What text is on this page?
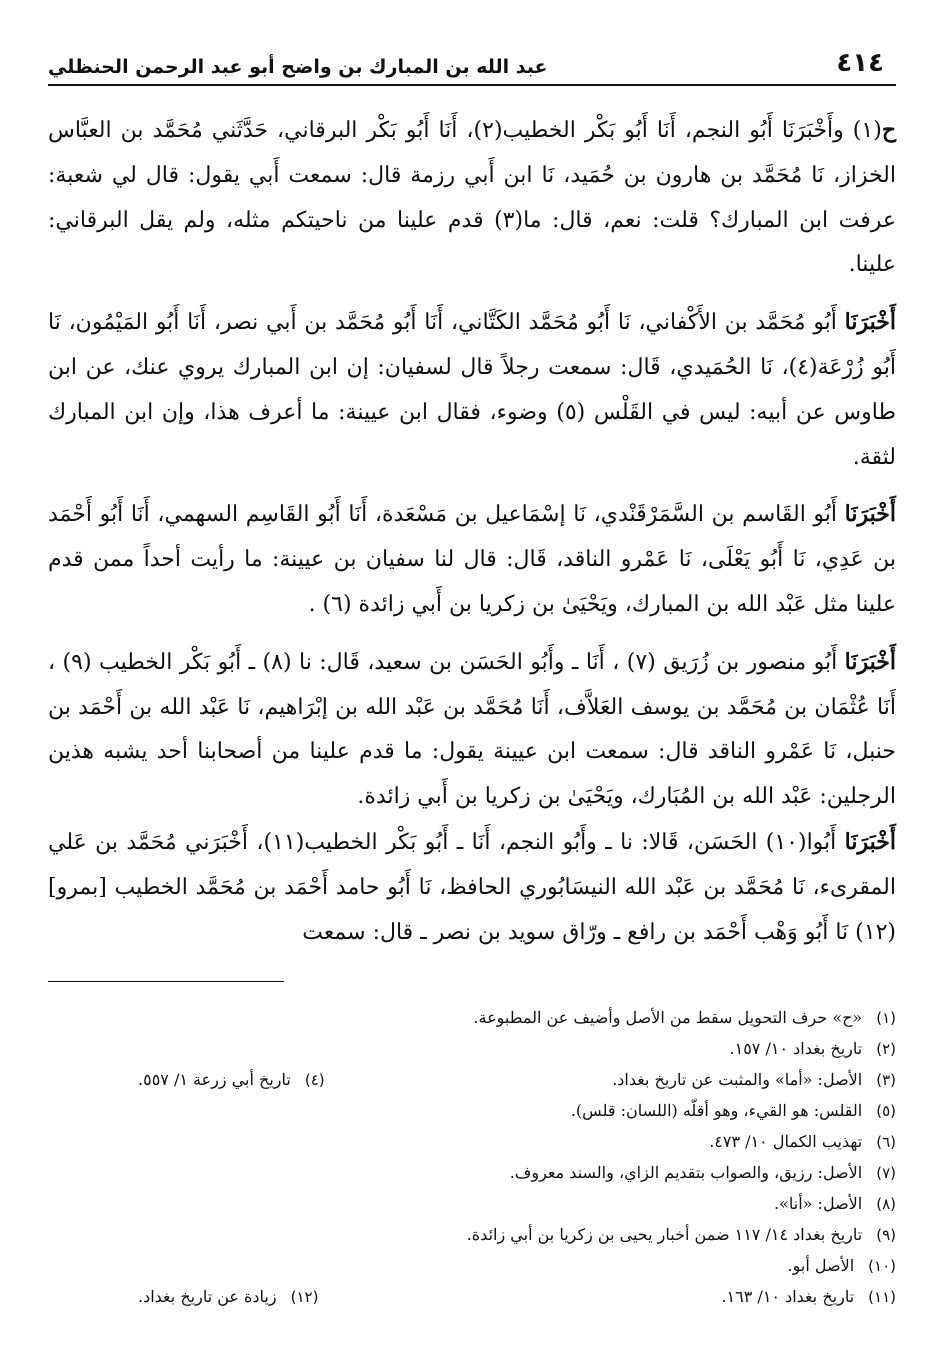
٤١٤
عبد الله بن المبارك بن واضح أبو عبد الرحمن الحنظلي

ح(١) وأَخْبَرَنَا أَبُو النجم، أَنَا أَبُو بَكْر الخطيب(٢)، أَنَا أَبُو بَكْر البرقاني، حَدَّثَني مُحَمَّد بن العبَّاس الخزاز، نَا مُحَمَّد بن هارون بن حُمَيد، نَا ابن أَبي رزمة قال: سمعت أَبي يقول: قال لي شعبة: عرفت ابن المبارك؟ قلت: نعم، قال: ما(٣) قدم علينا من ناحيتكم مثله، ولم يقل البرقاني: علينا.

أَخْبَرَنَا أَبُو مُحَمَّد بن الأَكْفاني، نَا أَبُو مُحَمَّد الكَتَّاني، أَنَا أَبُو مُحَمَّد بن أَبي نصر، أَنَا أَبُو المَيْمُون، نَا أَبُو زُرْعَة(٤)، نَا الحُمَيدي، قَال: سمعت رجلاً قال لسفيان: إن ابن المبارك يروي عنك، عن ابن طاوس عن أبيه: ليس في القَلْس (٥) وضوء، فقال ابن عيينة: ما أعرف هذا، وإن ابن المبارك لثقة.

أَخْبَرَنَا أَبُو القَاسم بن السَّمَرْقَنْدي، نَا إسْمَاعيل بن مَسْعَدة، أَنَا أَبُو القَاسِم السهمي، أَنَا أَبُو أَحْمَد بن عَدِي، نَا أَبُو يَعْلَى، نَا عَمْرو الناقد، قَال: قال لنا سفيان بن عيينة: ما رأيت أحداً ممن قدم علينا مثل عَبْد الله بن المبارك، ويَحْيَىٰ بن زكريا بن أَبي زائدة (٦) .

أَخْبَرَنَا أَبُو منصور بن زُرَيق (٧) ، أَنَا ـ وأَبُو الحَسَن بن سعيد، قَال: نا (٨) ـ أَبُو بَكْر الخطيب (٩) ، أَنَا عُثْمَان بن مُحَمَّد بن يوسف العَلاَّف، أَنَا مُحَمَّد بن عَبْد الله بن إبْرَاهيم، نَا عَبْد الله بن أَحْمَد بن حنبل، نَا عَمْرو الناقد قال: سمعت ابن عيينة يقول: ما قدم علينا من أصحابنا أحد يشبه هذين الرجلين: عَبْد الله بن المُبَارك، ويَحْيَىٰ بن زكريا بن أَبي زائدة.

أَخْبَرَنَا أَبُوا(١٠) الحَسَن، قَالا: نا ـ وأَبُو النجم، أَنَا ـ أَبُو بَكْر الخطيب(١١)، أَخْبَرَني مُحَمَّد بن عَلي المقرىء، نَا مُحَمَّد بن عَبْد الله النيسَابُوري الحافظ، نَا أَبُو حامد أَحْمَد بن مُحَمَّد الخطيب [بمرو](١٢) نَا أَبُو وَهْب أَحْمَد بن رافع ـ ورّاق سويد بن نصر ـ قال: سمعت

(١)
«ح» حرف التحويل سقط من الأصل وأضيف عن المطبوعة.
(٢)
تاريخ بغداد ١٠/ ١٥٧.
(٣)
الأصل: «أما» والمثبت عن تاريخ بغداد.
(٤)
تاريخ أبي زرعة ١/ ٥٥٧.
(٥)
القلس: هو القيء، وهو أقلّه (اللسان: قلس).
(٦)
تهذيب الكمال ١٠/ ٤٧٣.
(٧)
الأصل: رزيق، والصواب بتقديم الزاي، والسند معروف.
(٨)
الأصل: «أنا».
(٩)
تاريخ بغداد ١٤/ ١١٧ ضمن أخبار يحيى بن زكريا بن أبي زائدة.
(١٠)
الأصل أبو.
(١١)
تاريخ بغداد ١٠/ ١٦٣.
(١٢)
زيادة عن تاريخ بغداد.
